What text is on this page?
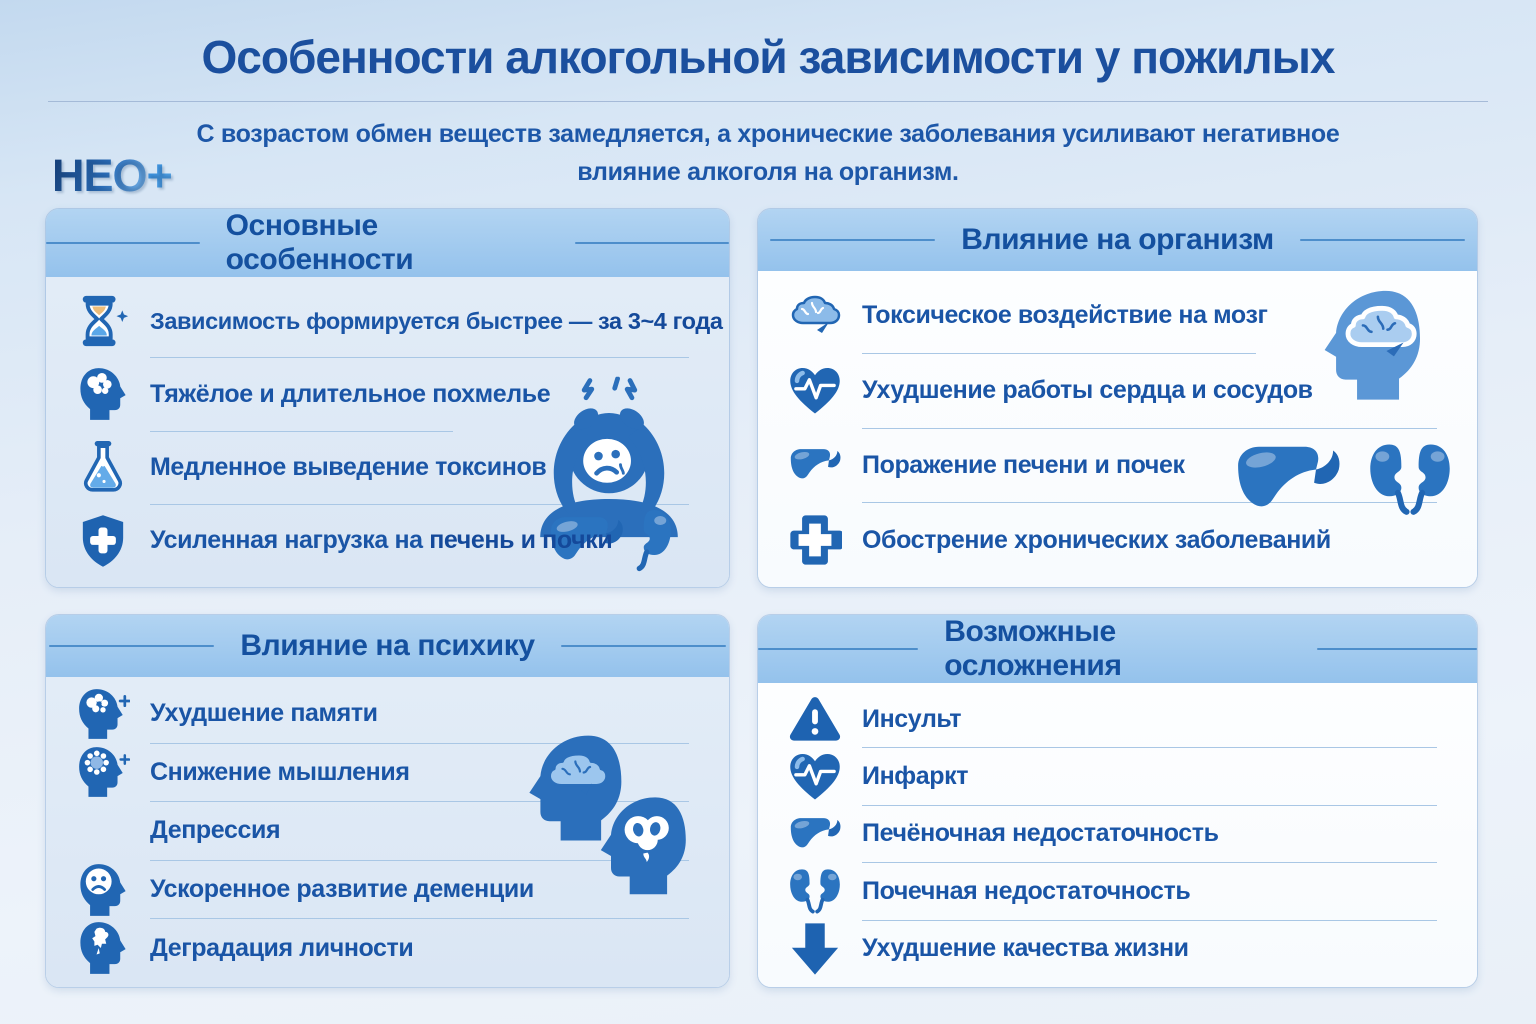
Особенности алкогольной зависимости у пожилых

С возрастом обмен веществ замедляется, а хронические заболевания усиливают негативное влияние алкоголя на организм.

НЕО+
Основные особенности
Зависимость формируется быстрее — за 3~4 года
Тяжёлое и длительное похмелье
Медленное выведение токсинов
Усиленная нагрузка на печень и почки
Влияние на организм
Токсическое воздействие на мозг
Ухудшение работы сердца и сосудов
Поражение печени и почек
Обострение хронических заболеваний
Влияние на психику
Ухудшение памяти
Снижение мышления
Депрессия
Ускоренное развитие деменции
Деградация личности
Возможные осложнения
Инсульт
Инфаркт
Печёночная недостаточность
Почечная недостаточность
Ухудшение качества жизни
